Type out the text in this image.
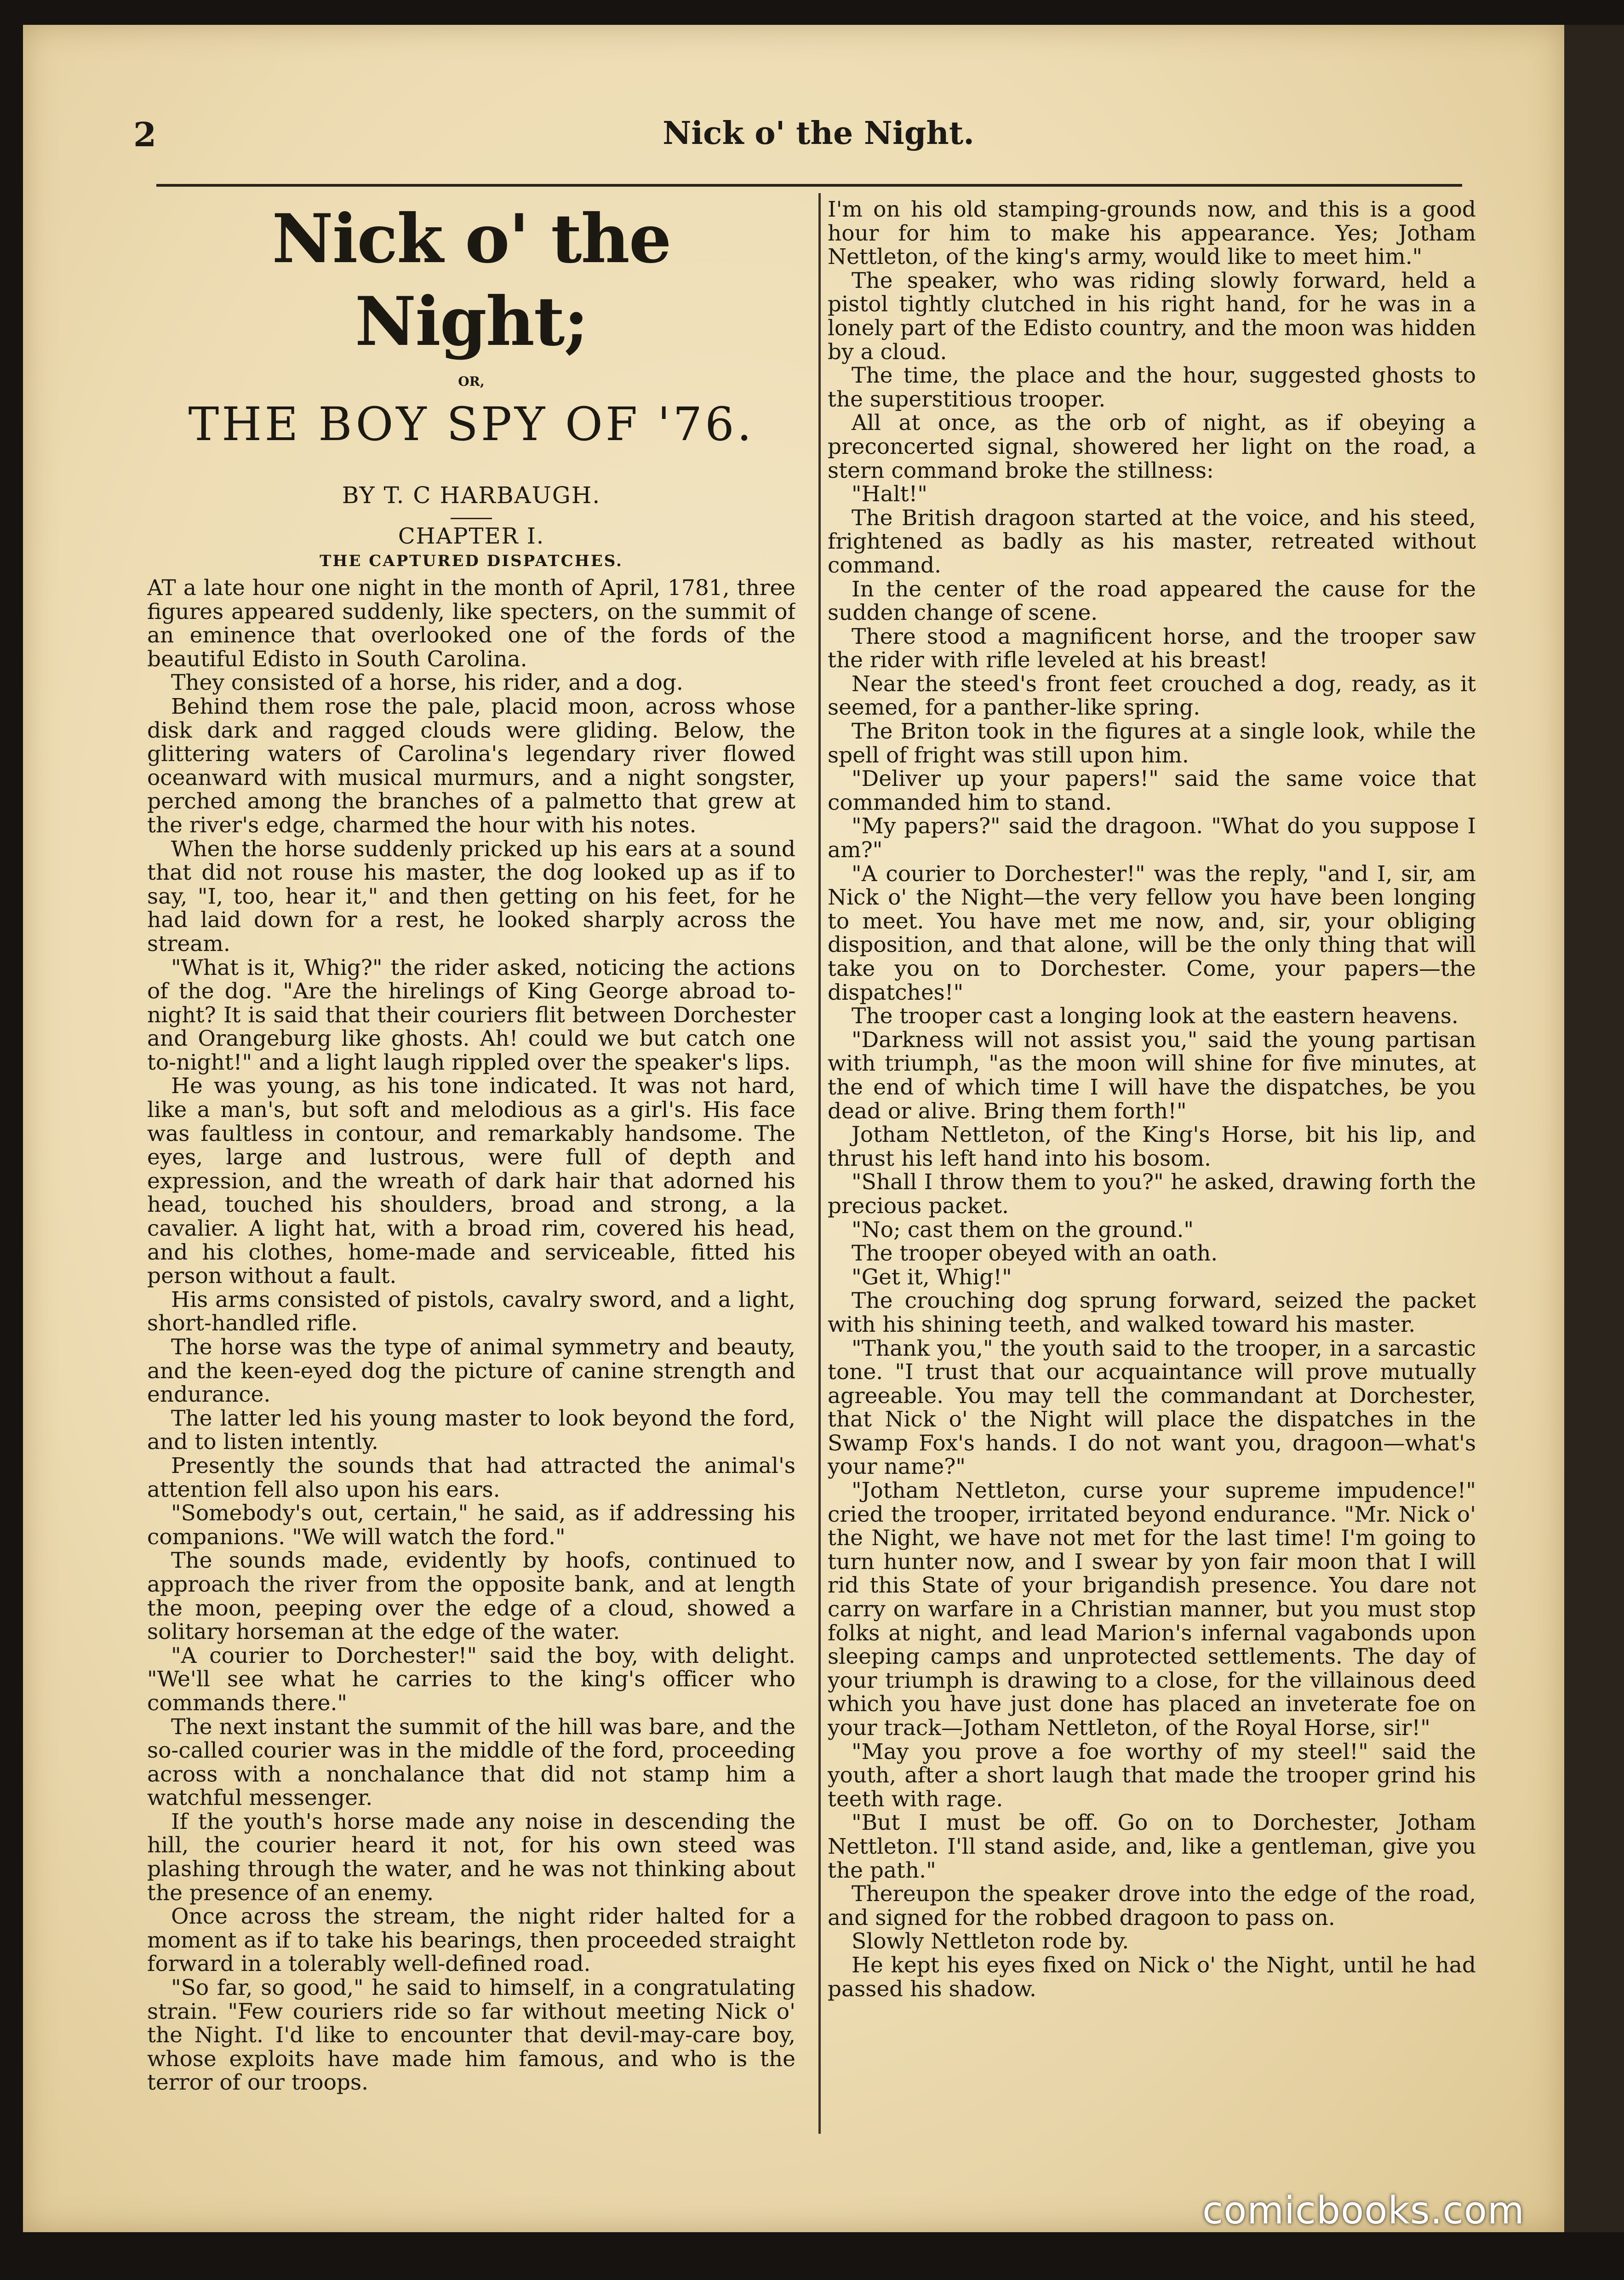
2	Nick o' the Night.
Nick o' the Night;
OR,
THE BOY SPY OF '76.
BY T. C HARBAUGH.
CHAPTER I.
THE CAPTURED DISPATCHES.

AT a late hour one night in the month of April, 1781, three figures appeared suddenly, like specters, on the summit of an eminence that overlooked one of the fords of the beautiful Edisto in South Carolina.

They consisted of a horse, his rider, and a dog.

Behind them rose the pale, placid moon, across whose disk dark and ragged clouds were gliding. Below, the glittering waters of Carolina's legendary river flowed oceanward with musical murmurs, and a night songster, perched among the branches of a palmetto that grew at the river's edge, charmed the hour with his notes.

When the horse suddenly pricked up his ears at a sound that did not rouse his master, the dog looked up as if to say, "I, too, hear it," and then getting on his feet, for he had laid down for a rest, he looked sharply across the stream.

"What is it, Whig?" the rider asked, noticing the actions of the dog. "Are the hirelings of King George abroad to-night? It is said that their couriers flit between Dorchester and Orangeburg like ghosts. Ah! could we but catch one to-night!" and a light laugh rippled over the speaker's lips.

He was young, as his tone indicated. It was not hard, like a man's, but soft and melodious as a girl's. His face was faultless in contour, and remarkably handsome. The eyes, large and lustrous, were full of depth and expression, and the wreath of dark hair that adorned his head, touched his shoulders, broad and strong, a la cavalier. A light hat, with a broad rim, covered his head, and his clothes, home-made and serviceable, fitted his person without a fault.

His arms consisted of pistols, cavalry sword, and a light, short-handled rifle.

The horse was the type of animal symmetry and beauty, and the keen-eyed dog the picture of canine strength and endurance.

The latter led his young master to look beyond the ford, and to listen intently.

Presently the sounds that had attracted the animal's attention fell also upon his ears.

"Somebody's out, certain," he said, as if addressing his companions. "We will watch the ford."

The sounds made, evidently by hoofs, continued to approach the river from the opposite bank, and at length the moon, peeping over the edge of a cloud, showed a solitary horseman at the edge of the water.

"A courier to Dorchester!" said the boy, with delight. "We'll see what he carries to the king's officer who commands there."

The next instant the summit of the hill was bare, and the so-called courier was in the middle of the ford, proceeding across with a nonchalance that did not stamp him a watchful messenger.

If the youth's horse made any noise in descending the hill, the courier heard it not, for his own steed was plashing through the water, and he was not thinking about the presence of an enemy.

Once across the stream, the night rider halted for a moment as if to take his bearings, then proceeded straight forward in a tolerably well-defined road.

"So far, so good," he said to himself, in a congratulating strain. "Few couriers ride so far without meeting Nick o' the Night. I'd like to encounter that devil-may-care boy, whose exploits have made him famous, and who is the terror of our troops.

I'm on his old stamping-grounds now, and this is a good hour for him to make his appearance. Yes; Jotham Nettleton, of the king's army, would like to meet him."

The speaker, who was riding slowly forward, held a pistol tightly clutched in his right hand, for he was in a lonely part of the Edisto country, and the moon was hidden by a cloud.

The time, the place and the hour, suggested ghosts to the superstitious trooper.

All at once, as the orb of night, as if obeying a preconcerted signal, showered her light on the road, a stern command broke the stillness:

"Halt!"

The British dragoon started at the voice, and his steed, frightened as badly as his master, retreated without command.

In the center of the road appeared the cause for the sudden change of scene.

There stood a magnificent horse, and the trooper saw the rider with rifle leveled at his breast!

Near the steed's front feet crouched a dog, ready, as it seemed, for a panther-like spring.

The Briton took in the figures at a single look, while the spell of fright was still upon him.

"Deliver up your papers!" said the same voice that commanded him to stand.

"My papers?" said the dragoon. "What do you suppose I am?"

"A courier to Dorchester!" was the reply, "and I, sir, am Nick o' the Night—the very fellow you have been longing to meet. You have met me now, and, sir, your obliging disposition, and that alone, will be the only thing that will take you on to Dorchester. Come, your papers—the dispatches!"

The trooper cast a longing look at the eastern heavens.

"Darkness will not assist you," said the young partisan with triumph, "as the moon will shine for five minutes, at the end of which time I will have the dispatches, be you dead or alive. Bring them forth!"

Jotham Nettleton, of the King's Horse, bit his lip, and thrust his left hand into his bosom.

"Shall I throw them to you?" he asked, drawing forth the precious packet.

"No; cast them on the ground."

The trooper obeyed with an oath.

"Get it, Whig!"

The crouching dog sprung forward, seized the packet with his shining teeth, and walked toward his master.

"Thank you," the youth said to the trooper, in a sarcastic tone. "I trust that our acquaintance will prove mutually agreeable. You may tell the commandant at Dorchester, that Nick o' the Night will place the dispatches in the Swamp Fox's hands. I do not want you, dragoon—what's your name?"

"Jotham Nettleton, curse your supreme impudence!" cried the trooper, irritated beyond endurance. "Mr. Nick o' the Night, we have not met for the last time! I'm going to turn hunter now, and I swear by yon fair moon that I will rid this State of your brigandish presence. You dare not carry on warfare in a Christian manner, but you must stop folks at night, and lead Marion's infernal vagabonds upon sleeping camps and unprotected settlements. The day of your triumph is drawing to a close, for the villainous deed which you have just done has placed an inveterate foe on your track—Jotham Nettleton, of the Royal Horse, sir!"

"May you prove a foe worthy of my steel!" said the youth, after a short laugh that made the trooper grind his teeth with rage.

"But I must be off. Go on to Dorchester, Jotham Nettleton. I'll stand aside, and, like a gentleman, give you the path."

Thereupon the speaker drove into the edge of the road, and signed for the robbed dragoon to pass on.

Slowly Nettleton rode by.

He kept his eyes fixed on Nick o' the Night, until he had passed his shadow.

comicbooks.com
